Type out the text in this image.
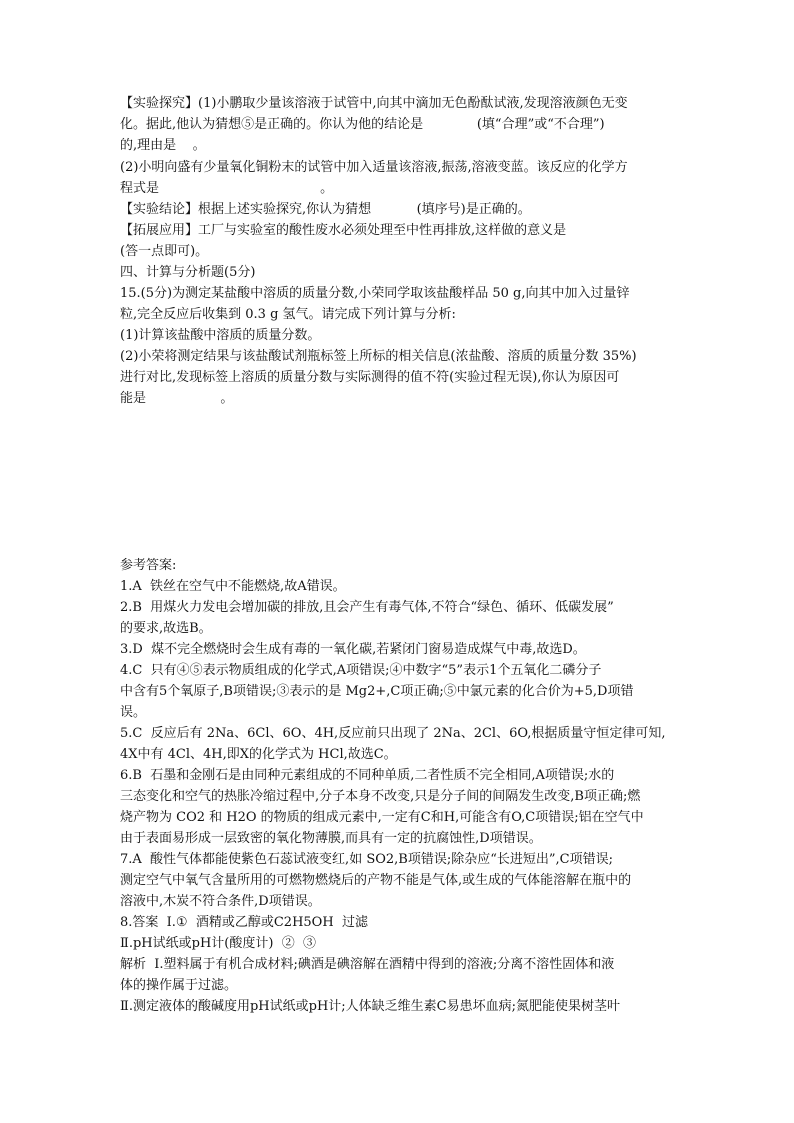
【实验探究】(1)小鹏取少量该溶液于试管中,向其中滴加无色酚酞试液,发现溶液颜色无变
化。据此,他认为猜想⑤是正确的。你认为他的结论是             (填“合理”或“不合理”)
的,理由是    。
(2)小明向盛有少量氧化铜粉末的试管中加入适量该溶液,振荡,溶液变蓝。该反应的化学方
程式是                                       。
【实验结论】根据上述实验探究,你认为猜想           (填序号)是正确的。
【拓展应用】工厂与实验室的酸性废水必须处理至中性再排放,这样做的意义是
(答一点即可)。
四、计算与分析题(5分)
15.(5分)为测定某盐酸中溶质的质量分数,小荣同学取该盐酸样品 50 g,向其中加入过量锌
粒,完全反应后收集到 0.3 g 氢气。请完成下列计算与分析:
(1)计算该盐酸中溶质的质量分数。
(2)小荣将测定结果与该盐酸试剂瓶标签上所标的相关信息(浓盐酸、溶质的质量分数 35%)
进行对比,发现标签上溶质的质量分数与实际测得的值不符(实验过程无误),你认为原因可
能是                  。
参考答案:
1.A  铁丝在空气中不能燃烧,故A错误。
2.B  用煤火力发电会增加碳的排放,且会产生有毒气体,不符合“绿色、循环、低碳发展”
的要求,故选B。
3.D  煤不完全燃烧时会生成有毒的一氧化碳,若紧闭门窗易造成煤气中毒,故选D。
4.C  只有④⑤表示物质组成的化学式,A项错误;④中数字“5”表示1个五氧化二磷分子
中含有5个氧原子,B项错误;③表示的是 Mg2+,C项正确;⑤中氯元素的化合价为+5,D项错
误。
5.C  反应后有 2Na、6Cl、6O、4H,反应前只出现了 2Na、2Cl、6O,根据质量守恒定律可知,
4X中有 4Cl、4H,即X的化学式为 HCl,故选C。
6.B  石墨和金刚石是由同种元素组成的不同种单质,二者性质不完全相同,A项错误;水的
三态变化和空气的热胀冷缩过程中,分子本身不改变,只是分子间的间隔发生改变,B项正确;燃
烧产物为 CO2 和 H2O 的物质的组成元素中,一定有C和H,可能含有O,C项错误;铝在空气中
由于表面易形成一层致密的氧化物薄膜,而具有一定的抗腐蚀性,D项错误。
7.A  酸性气体都能使紫色石蕊试液变红,如 SO2,B项错误;除杂应“长进短出”,C项错误;
测定空气中氧气含量所用的可燃物燃烧后的产物不能是气体,或生成的气体能溶解在瓶中的
溶液中,木炭不符合条件,D项错误。
8.答案  Ⅰ.①  酒精或乙醇或C2H5OH  过滤
Ⅱ.pH试纸或pH计(酸度计)  ②  ③
解析  Ⅰ.塑料属于有机合成材料;碘酒是碘溶解在酒精中得到的溶液;分离不溶性固体和液
体的操作属于过滤。
Ⅱ.测定液体的酸碱度用pH试纸或pH计;人体缺乏维生素C易患坏血病;氮肥能使果树茎叶
